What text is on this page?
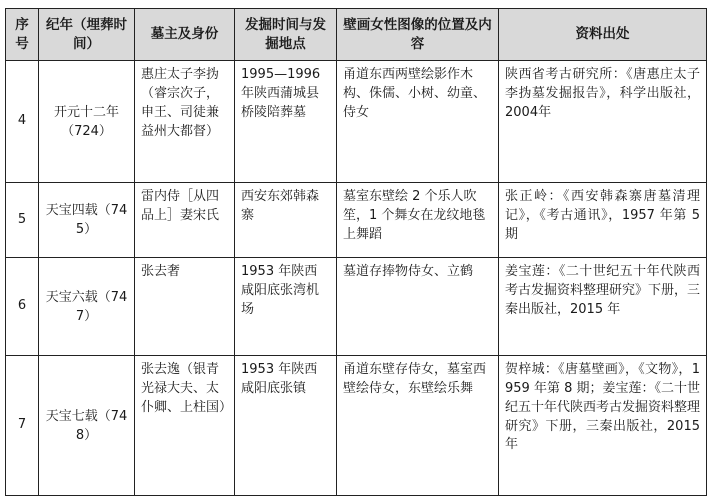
序号	纪年（埋葬时间）	墓主及身份	发掘时间与发掘地点	壁画女性图像的位置及内容	资料出处
4	开元十二年（724）	惠庄太子李㧑（睿宗次子，申王、司徒兼益州大都督）	1995—1996年陕西蒲城县桥陵陪葬墓	甬道东西两壁绘影作木构、侏儒、小树、幼童、侍女	陕西省考古研究所：《唐惠庄太子李㧑墓发掘报告》，科学出版社，2004年
5	天宝四载（745）	雷内侍［从四品上］妻宋氏	西安东郊韩森寨	墓室东壁绘 2 个乐人吹笙，1 个舞女在龙纹地毯上舞蹈	张正岭：《西安韩森寨唐墓清理记》，《考古通讯》，1957 年第 5 期
6	天宝六载（747）	张去奢	1953 年陕西咸阳底张湾机场	墓道存捧物侍女、立鹤	姜宝莲：《二十世纪五十年代陕西考古发掘资料整理研究》下册，三秦出版社，2015 年
7	天宝七载（748）	张去逸（银青光禄大夫、太仆卿、上柱国）	1953 年陕西咸阳底张镇	甬道东壁存侍女，墓室西壁绘侍女，东壁绘乐舞	贺梓城：《唐墓壁画》，《文物》，1959 年第 8 期；姜宝莲：《二十世纪五十年代陕西考古发掘资料整理研究》下册，三秦出版社，2015 年
